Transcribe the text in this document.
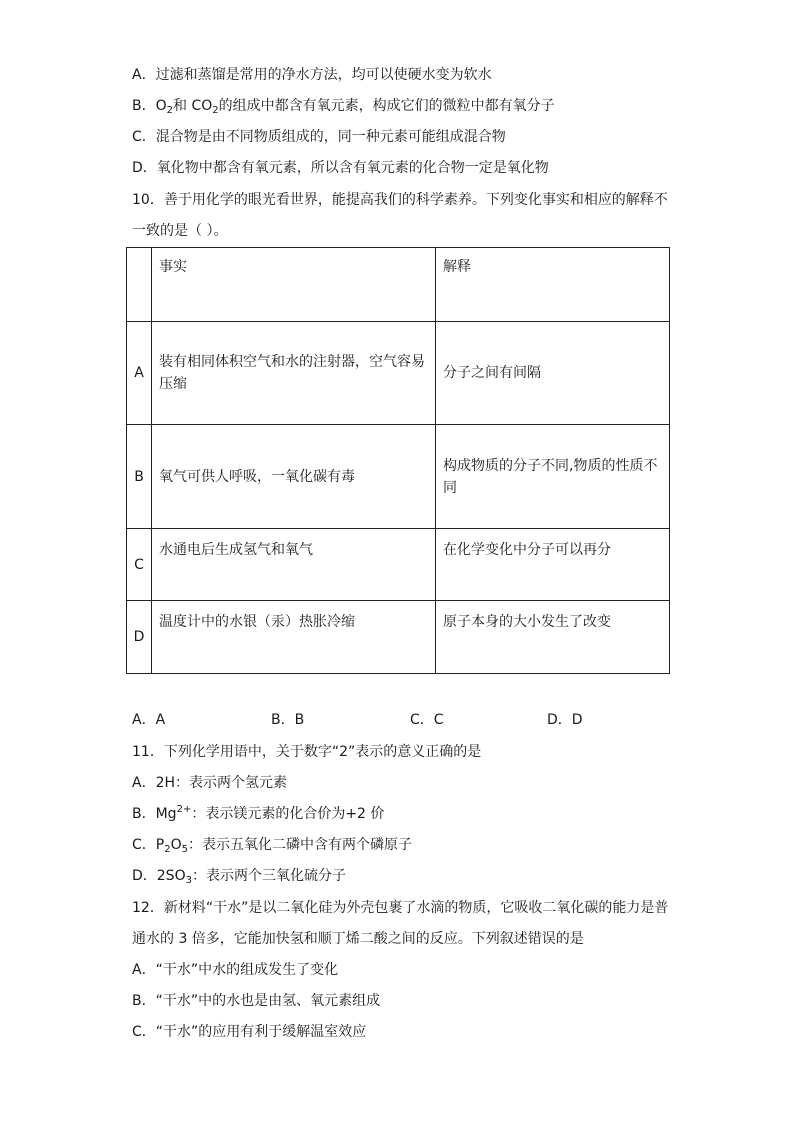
A．过滤和蒸馏是常用的净水方法，均可以使硬水变为软水
B．$O_2$和 $CO_2$的组成中都含有氧元素，构成它们的微粒中都有氧分子
C．混合物是由不同物质组成的，同一种元素可能组成混合物
D．氧化物中都含有氧元素，所以含有氧元素的化合物一定是氧化物
10．善于用化学的眼光看世界，能提高我们的科学素养。下列变化事实和相应的解释不
一致的是（ ）。

	事实	解释

A	装有相同体积空气和水的注射器，空气容易压缩	分子之间有间隔

B	氧气可供人呼吸，一氧化碳有毒	构成物质的分子不同,物质的性质不同

C	水通电后生成氢气和氧气	在化学变化中分子可以再分

D	温度计中的水银（汞）热胀冷缩	原子本身的大小发生了改变
A．A	B．B	C．C	D．D
11．下列化学用语中，关于数字“2”表示的意义正确的是
A．2H：表示两个氢元素
B．$Mg^{2+}$：表示镁元素的化合价为+2 价
C．$P_2O_5$：表示五氧化二磷中含有两个磷原子
D．$2SO_3$：表示两个三氧化硫分子
12．新材料“干水”是以二氧化硅为外壳包裹了水滴的物质，它吸收二氧化碳的能力是普
通水的 3 倍多，它能加快氢和顺丁烯二酸之间的反应。下列叙述错误的是
A．“干水”中水的组成发生了变化
B．“干水”中的水也是由氢、氧元素组成
C．“干水”的应用有利于缓解温室效应
